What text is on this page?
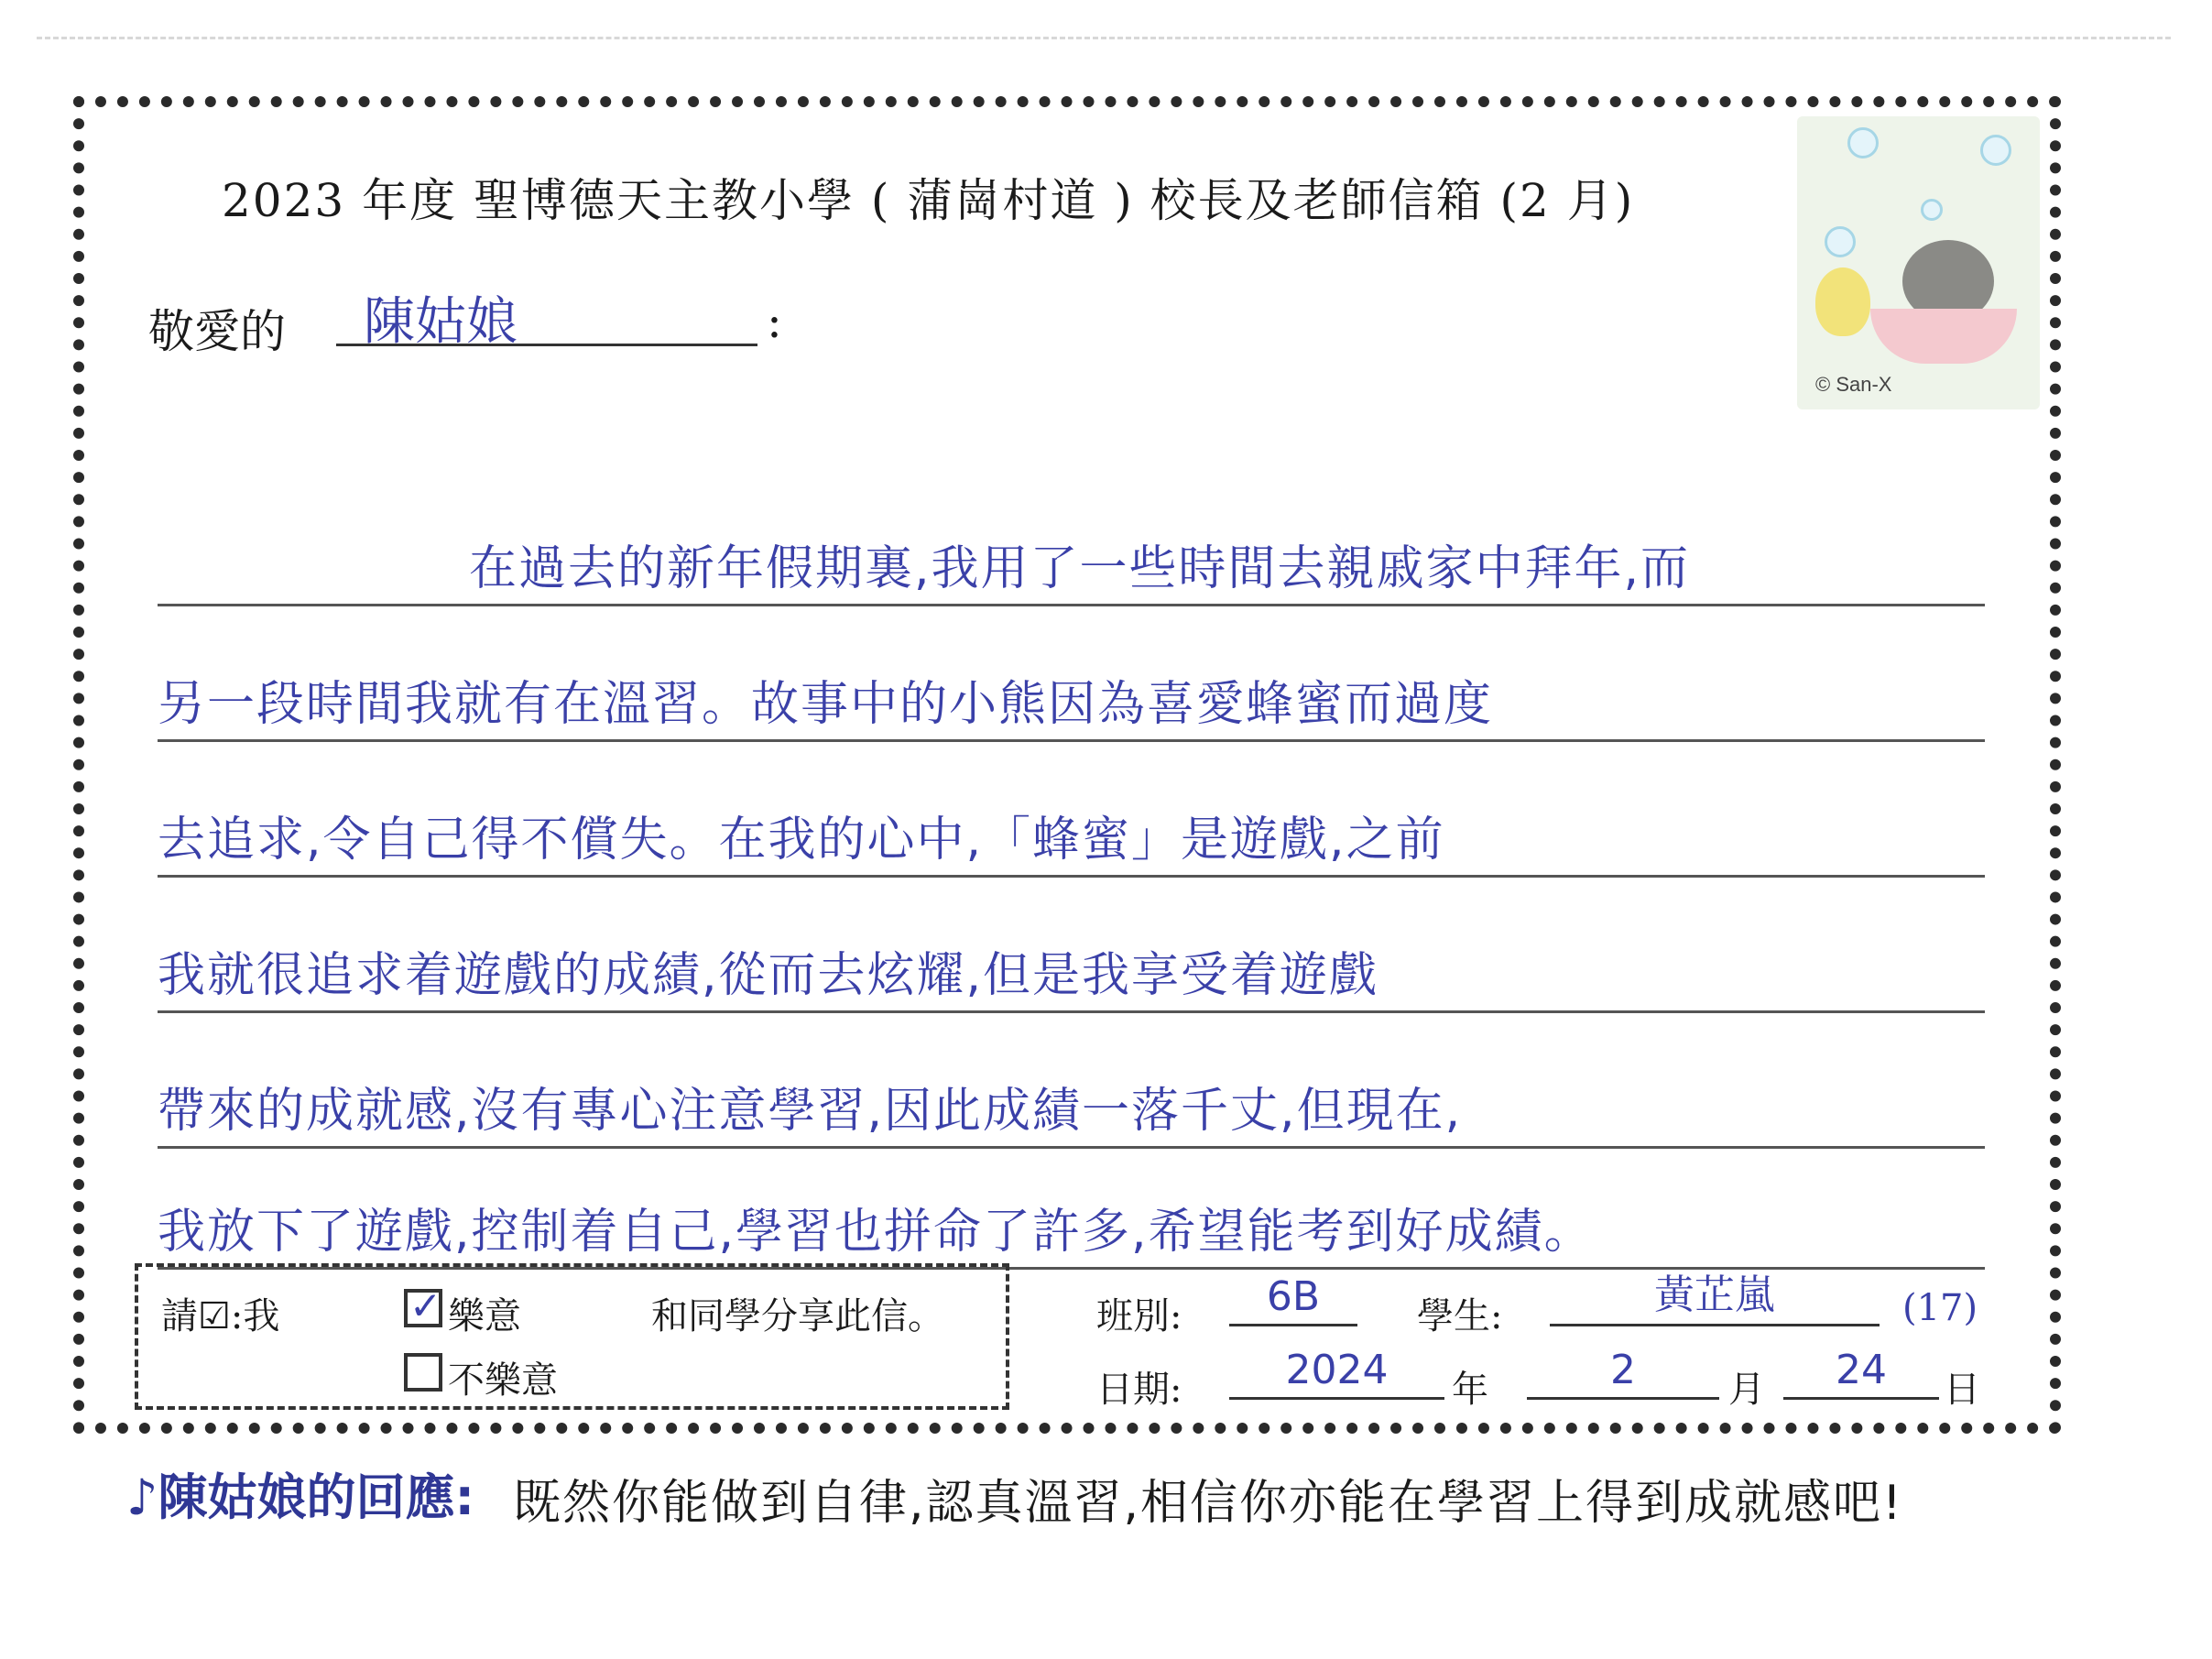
2023 年度 聖博德天主教小學 ( 蒲崗村道 ) 校長及老師信箱 (2 月)
© San-X
敬愛的 陳姑娘	:
在過去的新年假期裏,我用了一些時間去親戚家中拜年,而
另一段時間我就有在溫習。故事中的小熊因為喜愛蜂蜜而過度
去追求,令自己得不償失。在我的心中,「蜂蜜」是遊戲,之前
我就很追求着遊戲的成績,從而去炫耀,但是我享受着遊戲
帶來的成就感,沒有專心注意學習,因此成績一落千丈,但現在,
我放下了遊戲,控制着自己,學習也拼命了許多,希望能考到好成績。
請☑:我
✓	樂意
不樂意
和同學分享此信。	班別:	6B	學生:	黃芷嵐	(17)
日期:	2024	年	2	月	24	日
♪陳姑娘的回應: 既然你能做到自律,認真溫習,相信你亦能在學習上得到成就感吧!
